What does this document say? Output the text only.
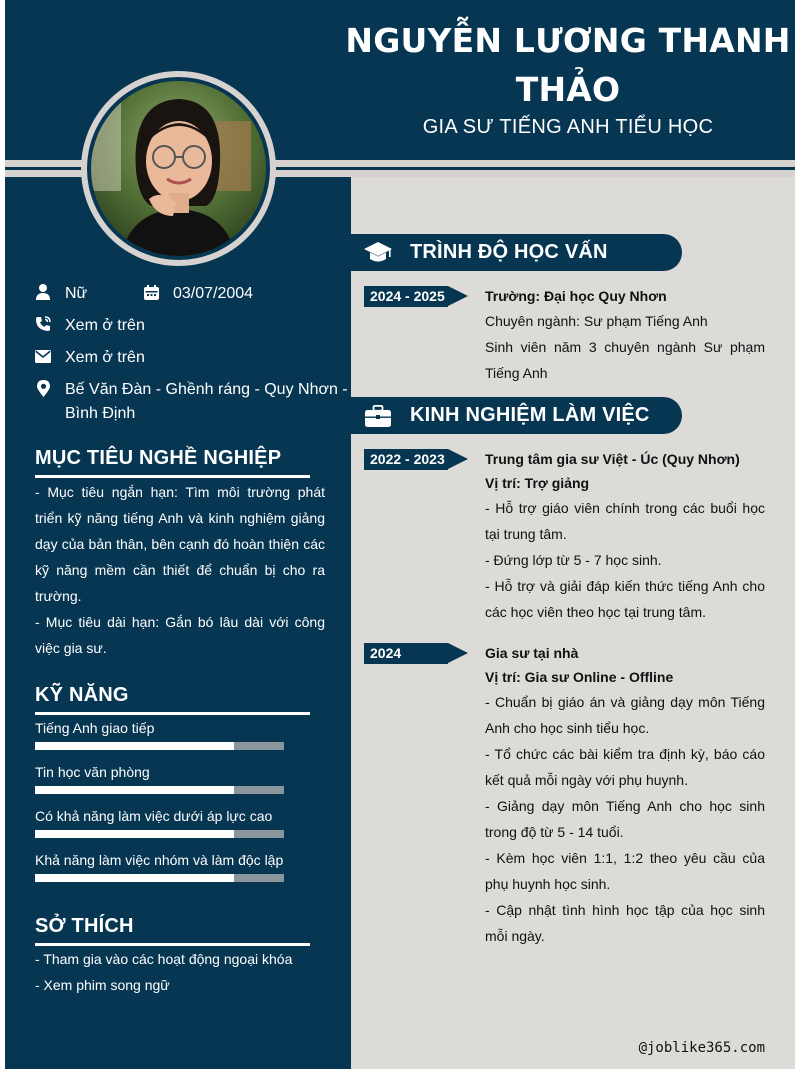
NGUYỄN LƯƠNG THANH
THẢO
GIA SƯ TIẾNG ANH TIỂU HỌC
Nữ	03/07/2004
Xem ở trên
Xem ở trên
Bế Văn Đàn - Ghềnh ráng - Quy Nhơn -
Bình Định
MỤC TIÊU NGHỀ NGHIỆP
- Mục tiêu ngắn hạn: Tìm môi trường phát triển kỹ năng tiếng Anh và kinh nghiệm giảng dạy của bản thân, bên cạnh đó hoàn thiện các kỹ năng mềm cần thiết để chuẩn bị cho ra trường.
- Mục tiêu dài hạn: Gắn bó lâu dài với công việc gia sư.
KỸ NĂNG
Tiếng Anh giao tiếp
Tin học văn phòng
Có khả năng làm việc dưới áp lực cao
Khả năng làm việc nhóm và làm độc lập
SỞ THÍCH
- Tham gia vào các hoạt động ngoại khóa
- Xem phim song ngữ
TRÌNH ĐỘ HỌC VẤN
2024 - 2025	Trường: Đại học Quy Nhơn
Chuyên ngành: Sư phạm Tiếng Anh
Sinh viên năm 3 chuyên ngành Sư phạm
Tiếng Anh
KINH NGHIỆM LÀM VIỆC
2022 - 2023	Trung tâm gia sư Việt - Úc (Quy Nhơn)
Vị trí: Trợ giảng
- Hỗ trợ giáo viên chính trong các buổi học tại trung tâm.
- Đứng lớp từ 5 - 7 học sinh.
- Hỗ trợ và giải đáp kiến thức tiếng Anh cho các học viên theo học tại trung tâm.
2024	Gia sư tại nhà
Vị trí: Gia sư Online - Offline
- Chuẩn bị giáo án và giảng dạy môn Tiếng Anh cho học sinh tiểu học.
- Tổ chức các bài kiểm tra định kỳ, báo cáo kết quả mỗi ngày với phụ huynh.
- Giảng dạy môn Tiếng Anh cho học sinh trong độ từ 5 - 14 tuổi.
- Kèm học viên 1:1, 1:2 theo yêu cầu của phụ huynh học sinh.
- Cập nhật tình hình học tập của học sinh mỗi ngày.
@joblike365.com
